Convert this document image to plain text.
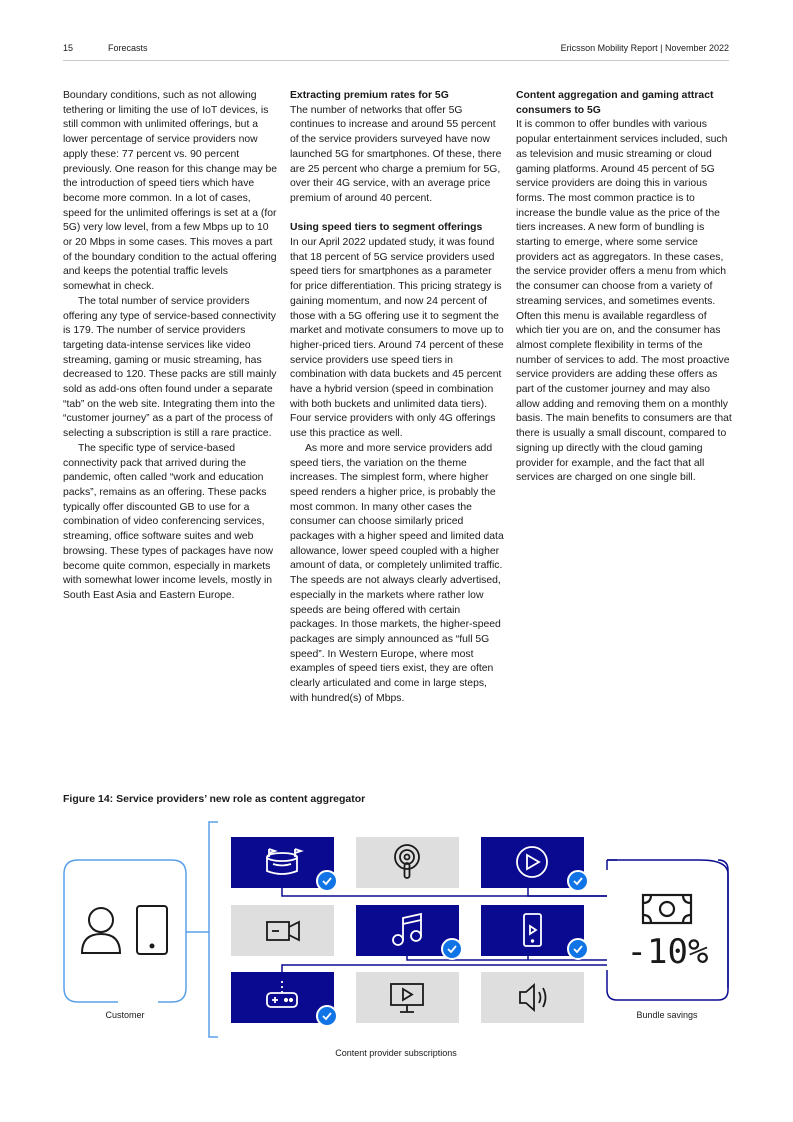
15	Forecasts	Ericsson Mobility Report | November 2022

Boundary conditions, such as not allowing tethering or limiting the use of IoT devices, is still common with unlimited offerings, but a lower percentage of service providers now apply these: 77 percent vs. 90 percent previously. One reason for this change may be the introduction of speed tiers which have become more common. In a lot of cases, speed for the unlimited offerings is set at a (for 5G) very low level, from a few Mbps up to 10 or 20 Mbps in some cases. This moves a part of the boundary condition to the actual offering and keeps the potential traffic levels somewhat in check.

The total number of service providers offering any type of service-based connectivity is 179. The number of service providers targeting data-intense services like video streaming, gaming or music streaming, has decreased to 120. These packs are still mainly sold as add-ons often found under a separate “tab” on the web site. Integrating them into the “customer journey” as a part of the process of selecting a subscription is still a rare practice.

The specific type of service-based connectivity pack that arrived during the pandemic, often called “work and education packs”, remains as an offering. These packs typically offer discounted GB to use for a combination of video conferencing services, streaming, office software suites and web browsing. These types of packages have now become quite common, especially in markets with somewhat lower income levels, mostly in South East Asia and Eastern Europe.

Extracting premium rates for 5G

The number of networks that offer 5G continues to increase and around 55 percent of the service providers surveyed have now launched 5G for smartphones. Of these, there are 25 percent who charge a premium for 5G, over their 4G service, with an average price premium of around 40 percent.

Using speed tiers to segment offerings

In our April 2022 updated study, it was found that 18 percent of 5G service providers used speed tiers for smartphones as a parameter for price differentiation. This pricing strategy is gaining momentum, and now 24 percent of those with a 5G offering use it to segment the market and motivate consumers to move up to higher-priced tiers. Around 74 percent of these service providers use speed tiers in combination with data buckets and 45 percent have a hybrid version (speed in combination with both buckets and unlimited data tiers). Four service providers with only 4G offerings use this practice as well.

As more and more service providers add speed tiers, the variation on the theme increases. The simplest form, where higher speed renders a higher price, is probably the most common. In many other cases the consumer can choose similarly priced packages with a higher speed and limited data allowance, lower speed coupled with a higher amount of data, or completely unlimited traffic. The speeds are not always clearly advertised, especially in the markets where rather low speeds are being offered with certain packages. In those markets, the higher-speed packages are simply announced as “full 5G speed”. In Western Europe, where most examples of speed tiers exist, they are often clearly articulated and come in large steps, with hundred(s) of Mbps.

Content aggregation and gaming attract consumers to 5G

It is common to offer bundles with various popular entertainment services included, such as television and music streaming or cloud gaming platforms. Around 45 percent of 5G service providers are doing this in various forms. The most common practice is to increase the bundle value as the price of the tiers increases. A new form of bundling is starting to emerge, where some service providers act as aggregators. In these cases, the service provider offers a menu from which the consumer can choose from a variety of streaming services, and sometimes events. Often this menu is available regardless of which tier you are on, and the consumer has almost complete flexibility in terms of the number of services to add. The most proactive service providers are adding these offers as part of the customer journey and may also allow adding and removing them on a monthly basis. The main benefits to consumers are that there is usually a small discount, compared to signing up directly with the cloud gaming provider for example, and the fact that all services are charged on one single bill.

Figure 14: Service providers’ new role as content aggregator
-10%
Customer
Content provider subscriptions
Bundle savings
